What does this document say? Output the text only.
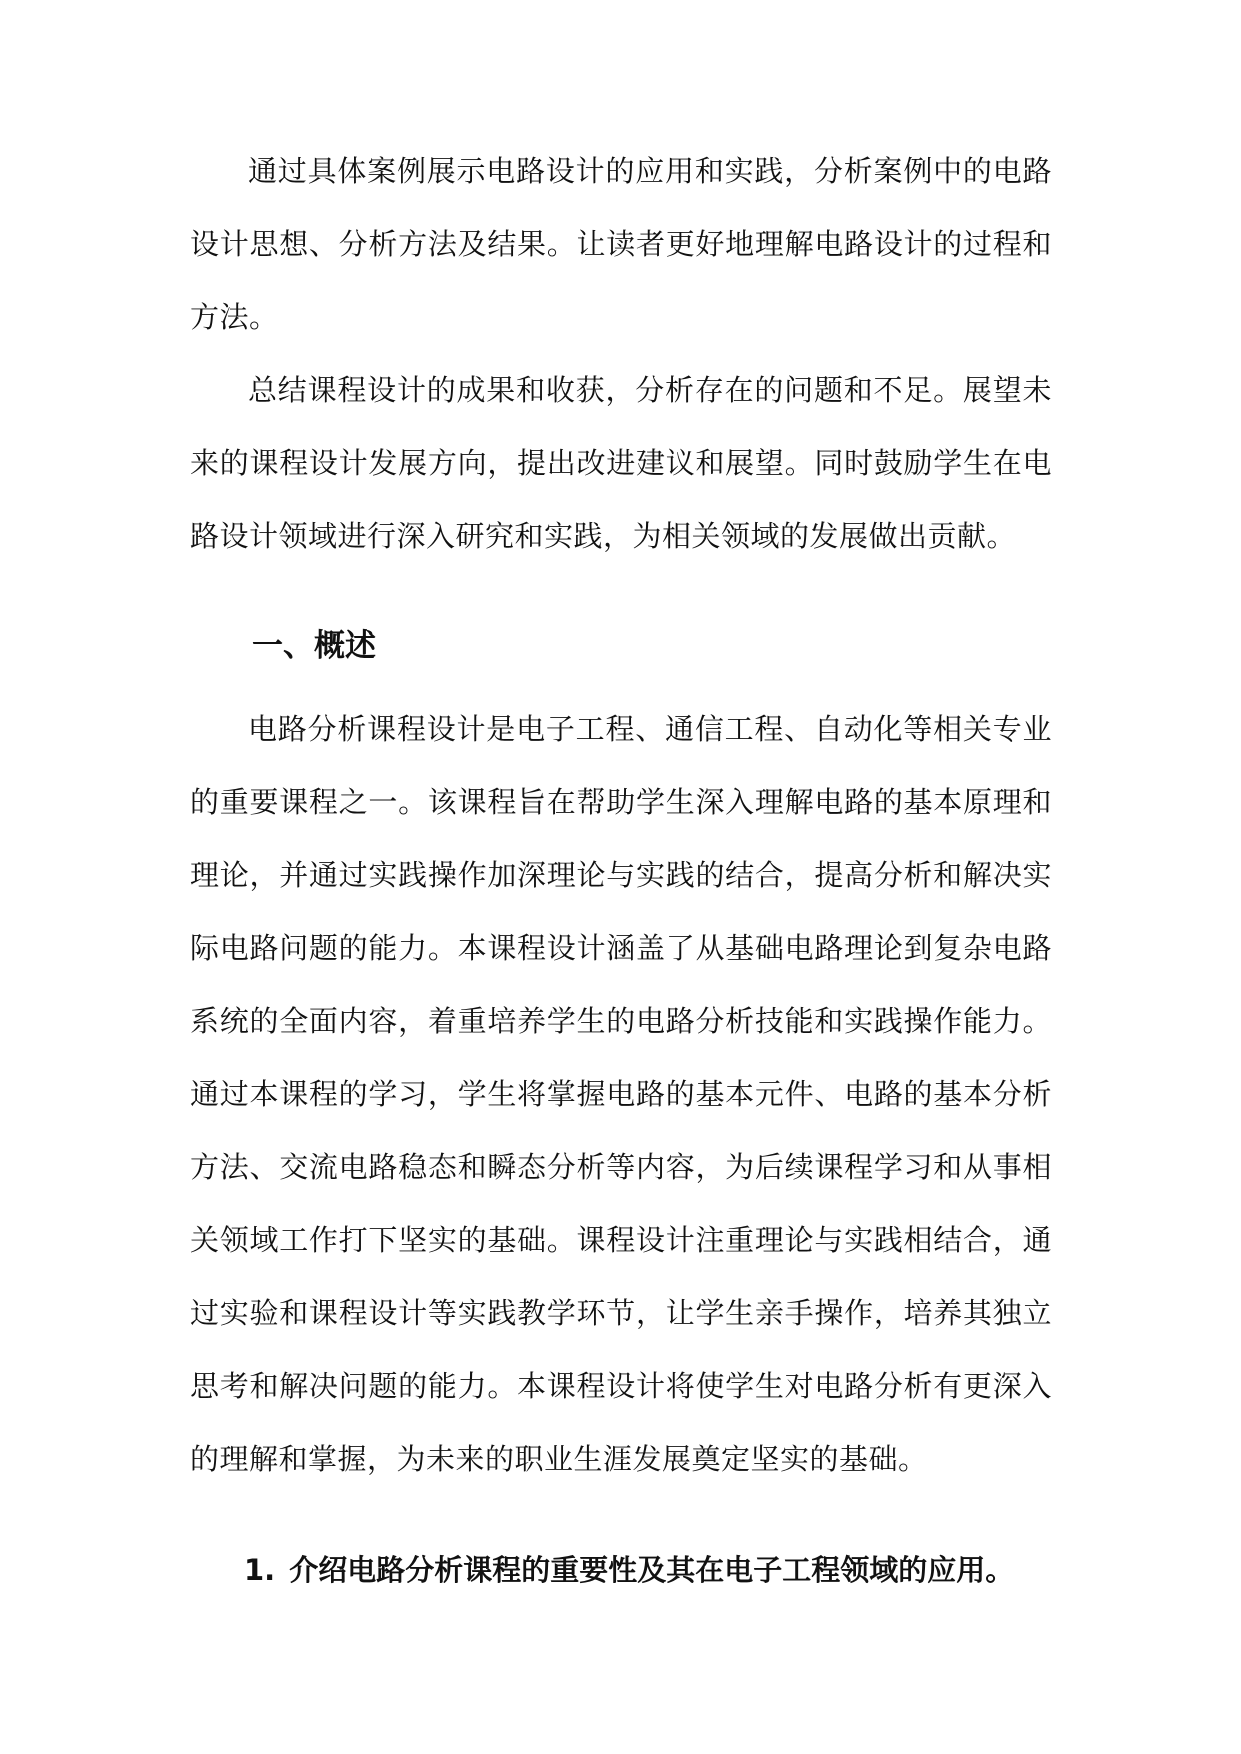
通过具体案例展示电路设计的应用和实践，分析案例中的电路设计思想、分析方法及结果。让读者更好地理解电路设计的过程和方法。

总结课程设计的成果和收获，分析存在的问题和不足。展望未来的课程设计发展方向，提出改进建议和展望。同时鼓励学生在电路设计领域进行深入研究和实践，为相关领域的发展做出贡献。

一、概述

电路分析课程设计是电子工程、通信工程、自动化等相关专业的重要课程之一。该课程旨在帮助学生深入理解电路的基本原理和理论，并通过实践操作加深理论与实践的结合，提高分析和解决实际电路问题的能力。本课程设计涵盖了从基础电路理论到复杂电路系统的全面内容，着重培养学生的电路分析技能和实践操作能力。通过本课程的学习，学生将掌握电路的基本元件、电路的基本分析方法、交流电路稳态和瞬态分析等内容，为后续课程学习和从事相关领域工作打下坚实的基础。课程设计注重理论与实践相结合，通过实验和课程设计等实践教学环节，让学生亲手操作，培养其独立思考和解决问题的能力。本课程设计将使学生对电路分析有更深入的理解和掌握，为未来的职业生涯发展奠定坚实的基础。

1. 介绍电路分析课程的重要性及其在电子工程领域的应用。
